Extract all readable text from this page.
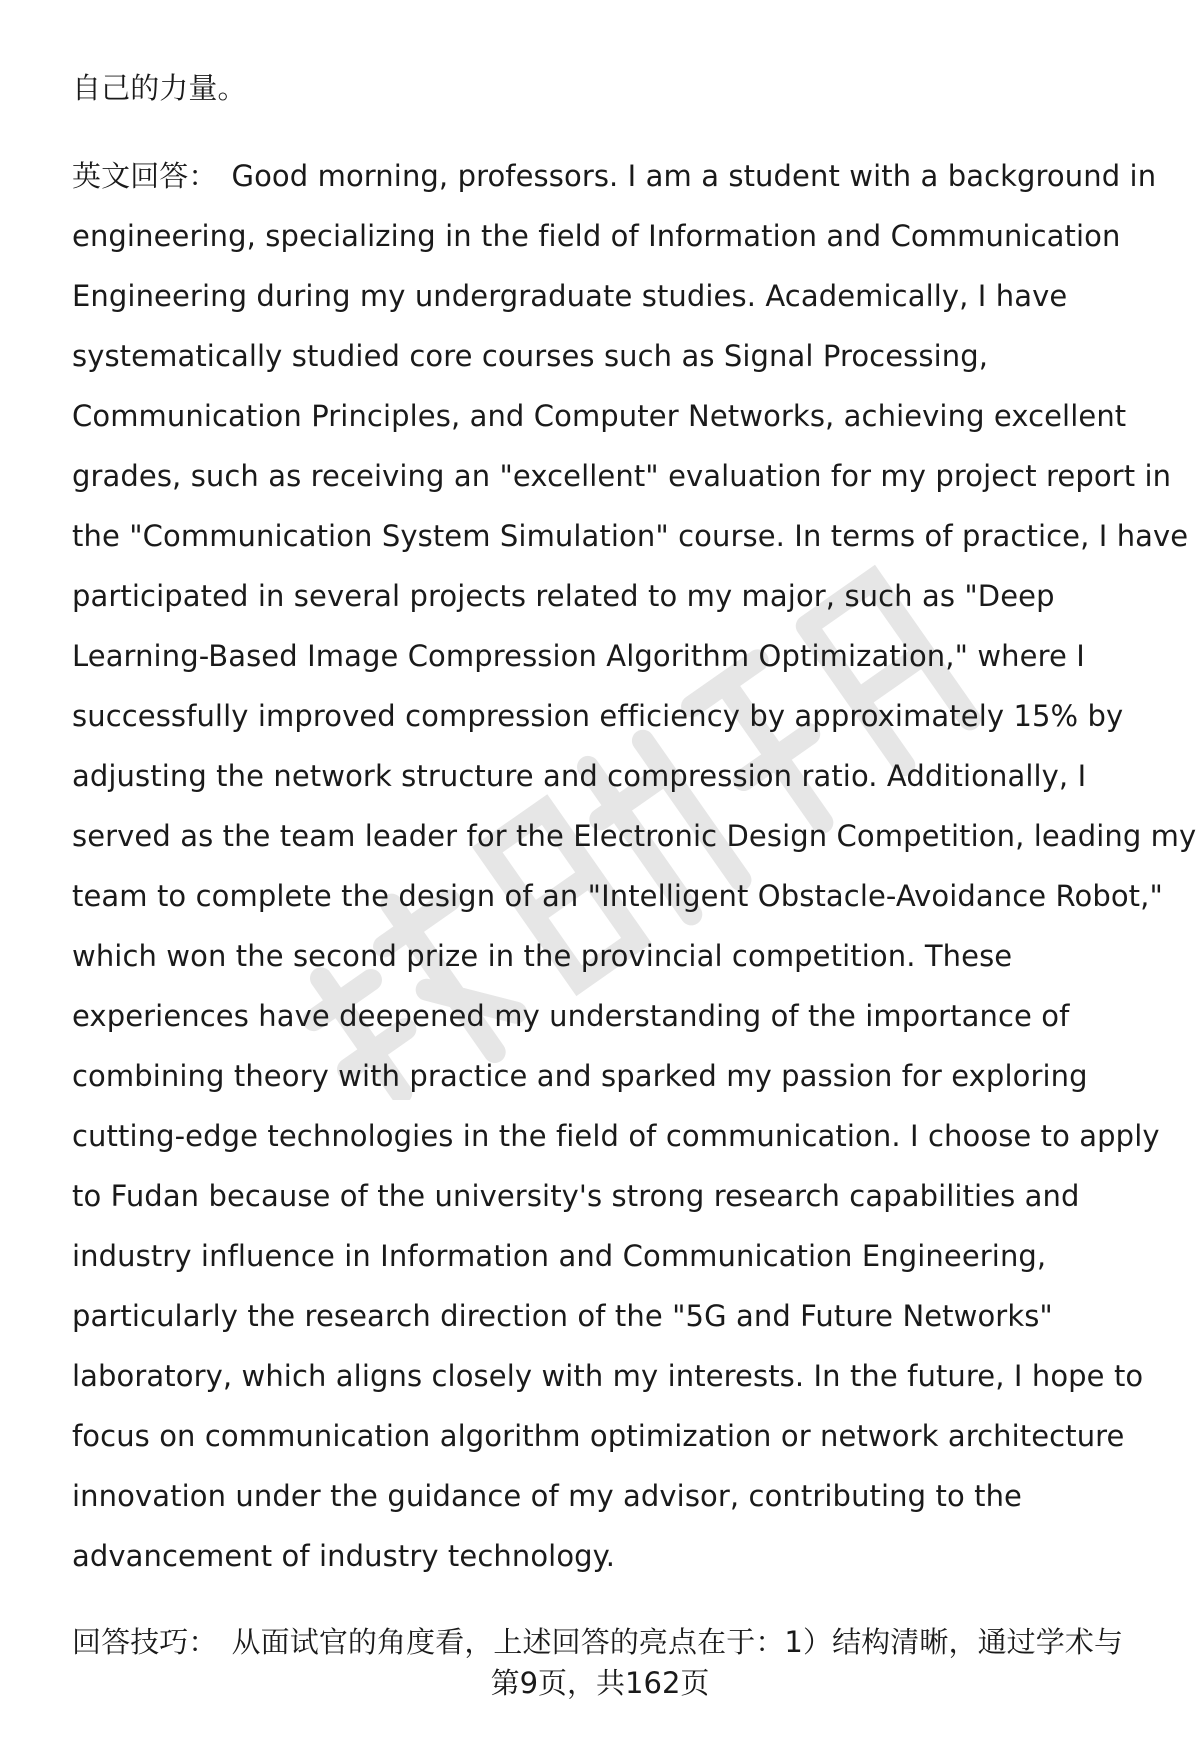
自己的力量。
英文回答： Good morning, professors. I am a student with a background in
engineering, specializing in the field of Information and Communication
Engineering during my undergraduate studies. Academically, I have
systematically studied core courses such as Signal Processing,
Communication Principles, and Computer Networks, achieving excellent
grades, such as receiving an "excellent" evaluation for my project report in
the "Communication System Simulation" course. In terms of practice, I have
participated in several projects related to my major, such as "Deep
Learning-Based Image Compression Algorithm Optimization," where I
successfully improved compression efficiency by approximately 15% by
adjusting the network structure and compression ratio. Additionally, I
served as the team leader for the Electronic Design Competition, leading my
team to complete the design of an "Intelligent Obstacle-Avoidance Robot,"
which won the second prize in the provincial competition. These
experiences have deepened my understanding of the importance of
combining theory with practice and sparked my passion for exploring
cutting-edge technologies in the field of communication. I choose to apply
to Fudan because of the university's strong research capabilities and
industry influence in Information and Communication Engineering,
particularly the research direction of the "5G and Future Networks"
laboratory, which aligns closely with my interests. In the future, I hope to
focus on communication algorithm optimization or network architecture
innovation under the guidance of my advisor, contributing to the
advancement of industry technology.
回答技巧： 从面试官的角度看，上述回答的亮点在于：1）结构清晰，通过学术与
第9页，共162页
